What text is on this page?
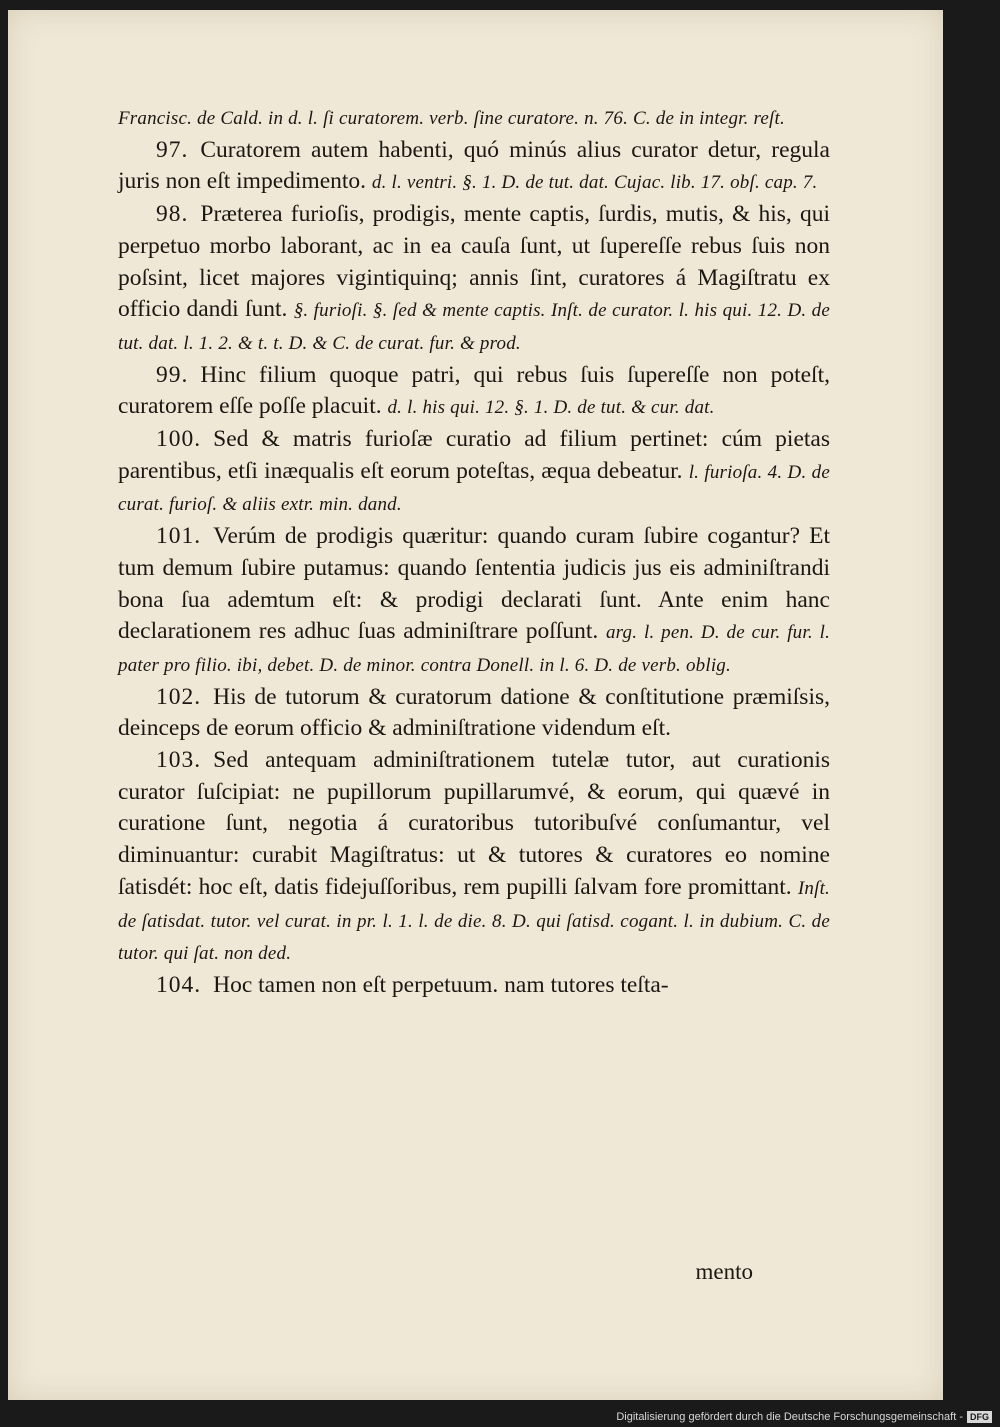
Francisc. de Cald. in d. l. ſi curatorem. verb. ſine curatore. n. 76. C. de in integr. reſt.

97. Curatorem autem habenti, quó minús alius curator detur, regula juris non eſt impedimento. d. l. ventri. §. 1. D. de tut. dat. Cujac. lib. 17. obſ. cap. 7.

98. Præterea furioſis, prodigis, mente captis, ſurdis, mutis, & his, qui perpetuo morbo laborant, ac in ea cauſa ſunt, ut ſupereſſe rebus ſuis non poſsint, licet majores vigintiquinq; annis ſint, curatores á Magiſtratu ex officio dandi ſunt. §. furioſi. §. ſed & mente captis. Inſt. de curator. l. his qui. 12. D. de tut. dat. l. 1. 2. & t. t. D. & C. de curat. fur. & prod.

99. Hinc filium quoque patri, qui rebus ſuis ſupereſſe non poteſt, curatorem eſſe poſſe placuit. d. l. his qui. 12. §. 1. D. de tut. & cur. dat.

100. Sed & matris furioſæ curatio ad filium pertinet: cúm pietas parentibus, etſi inæqualis eſt eorum poteſtas, æqua debeatur. l. furioſa. 4. D. de curat. furioſ. & aliis extr. min. dand.

101. Verúm de prodigis quæritur: quando curam ſubire cogantur? Et tum demum ſubire putamus: quando ſententia judicis jus eis adminiſtrandi bona ſua ademtum eſt: & prodigi declarati ſunt. Ante enim hanc declarationem res adhuc ſuas adminiſtrare poſſunt. arg. l. pen. D. de cur. fur. l. pater pro filio. ibi, debet. D. de minor. contra Donell. in l. 6. D. de verb. oblig.

102. His de tutorum & curatorum datione & conſtitutione præmiſsis, deinceps de eorum officio & adminiſtratione videndum eſt.

103. Sed antequam adminiſtrationem tutelæ tutor, aut curationis curator ſuſcipiat: ne pupillorum pupillarumvé, & eorum, qui quævé in curatione ſunt, negotia á curatoribus tutoribuſvé conſumantur, vel diminuantur: curabit Magiſtratus: ut & tutores & curatores eo nomine ſatisdét: hoc eſt, datis fidejuſſoribus, rem pupilli ſalvam fore promittant. Inſt. de ſatisdat. tutor. vel curat. in pr. l. 1. l. de die. 8. D. qui ſatisd. cogant. l. in dubium. C. de tutor. qui ſat. non ded.

104. Hoc tamen non eſt perpetuum. nam tutores teſta-

mento
Digitalisierung gefördert durch die Deutsche Forschungsgemeinschaft - DFG
